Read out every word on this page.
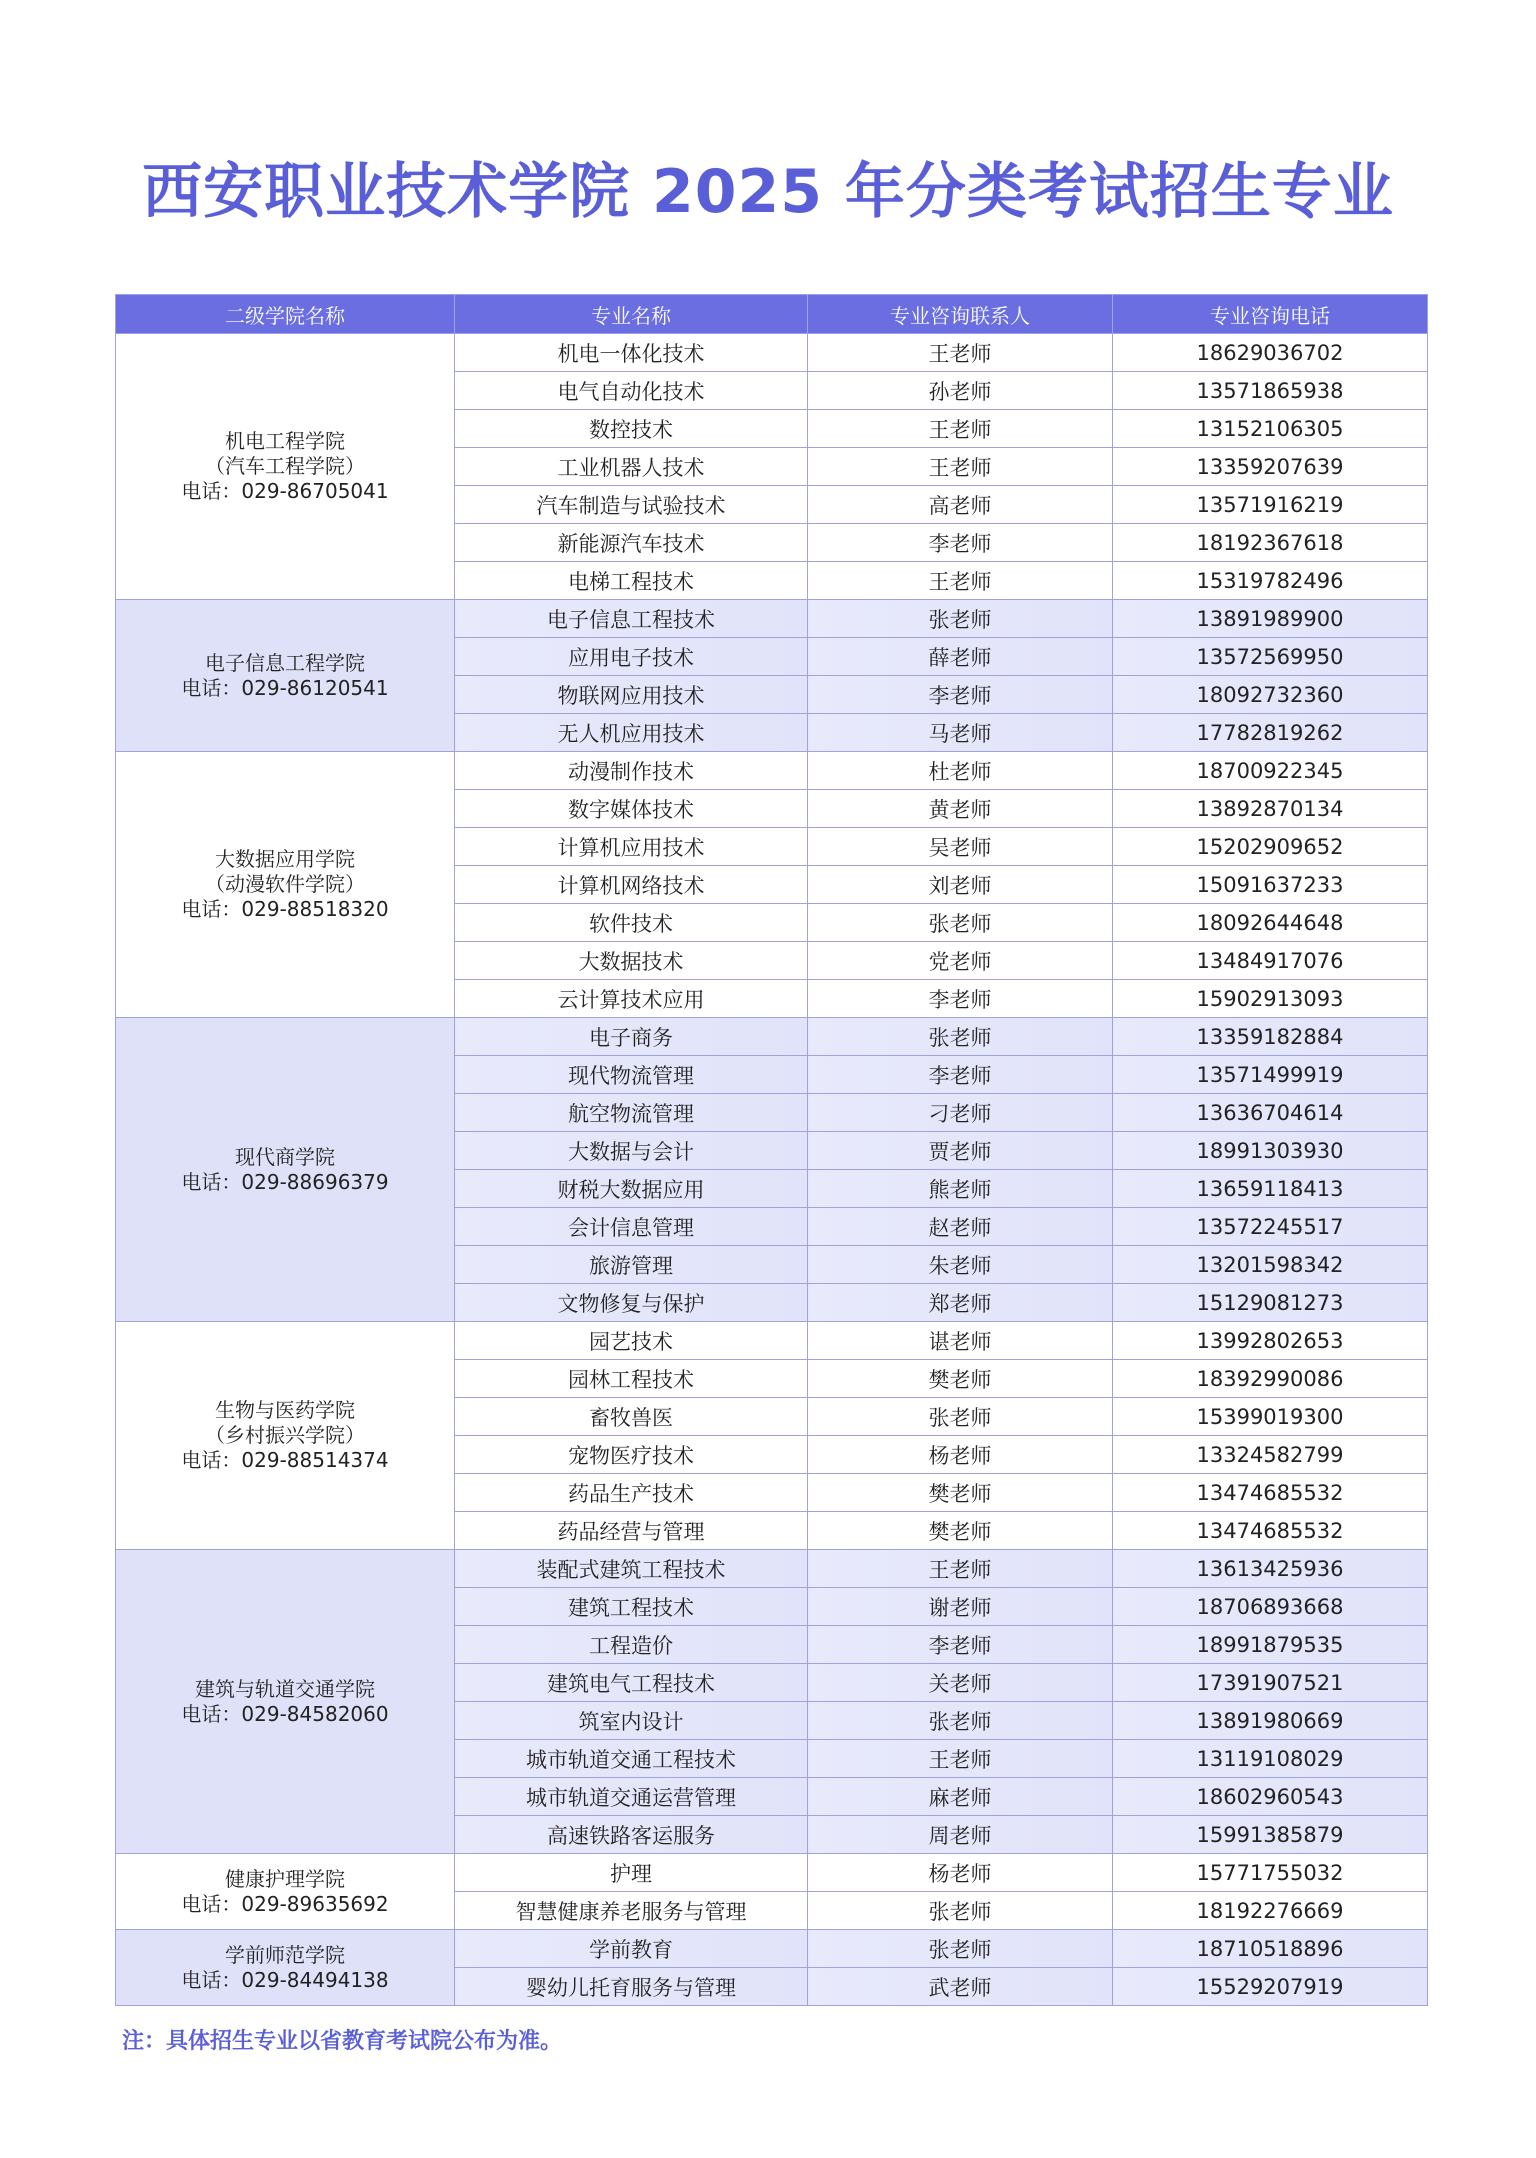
西安职业技术学院 2025 年分类考试招生专业
二级学院名称	专业名称	专业咨询联系人	专业咨询电话

机电工程学院
（汽车工程学院）
电话：029-86705041	机电一体化技术	王老师	18629036702
	电气自动化技术	孙老师	13571865938
	数控技术	王老师	13152106305
	工业机器人技术	王老师	13359207639
	汽车制造与试验技术	高老师	13571916219
	新能源汽车技术	李老师	18192367618
	电梯工程技术	王老师	15319782496

电子信息工程学院
电话：029-86120541	电子信息工程技术	张老师	13891989900
	应用电子技术	薛老师	13572569950
	物联网应用技术	李老师	18092732360
	无人机应用技术	马老师	17782819262

大数据应用学院
（动漫软件学院）
电话：029-88518320	动漫制作技术	杜老师	18700922345
	数字媒体技术	黄老师	13892870134
	计算机应用技术	吴老师	15202909652
	计算机网络技术	刘老师	15091637233
	软件技术	张老师	18092644648
	大数据技术	党老师	13484917076
	云计算技术应用	李老师	15902913093

现代商学院
电话：029-88696379	电子商务	张老师	13359182884
	现代物流管理	李老师	13571499919
	航空物流管理	刁老师	13636704614
	大数据与会计	贾老师	18991303930
	财税大数据应用	熊老师	13659118413
	会计信息管理	赵老师	13572245517
	旅游管理	朱老师	13201598342
	文物修复与保护	郑老师	15129081273

生物与医药学院
（乡村振兴学院）
电话：029-88514374	园艺技术	谌老师	13992802653
	园林工程技术	樊老师	18392990086
	畜牧兽医	张老师	15399019300
	宠物医疗技术	杨老师	13324582799
	药品生产技术	樊老师	13474685532
	药品经营与管理	樊老师	13474685532

建筑与轨道交通学院
电话：029-84582060	装配式建筑工程技术	王老师	13613425936
	建筑工程技术	谢老师	18706893668
	工程造价	李老师	18991879535
	建筑电气工程技术	关老师	17391907521
	筑室内设计	张老师	13891980669
	城市轨道交通工程技术	王老师	13119108029
	城市轨道交通运营管理	麻老师	18602960543
	高速铁路客运服务	周老师	15991385879

健康护理学院
电话：029-89635692	护理	杨老师	15771755032
	智慧健康养老服务与管理	张老师	18192276669

学前师范学院
电话：029-84494138	学前教育	张老师	18710518896
	婴幼儿托育服务与管理	武老师	15529207919
注：具体招生专业以省教育考试院公布为准。
